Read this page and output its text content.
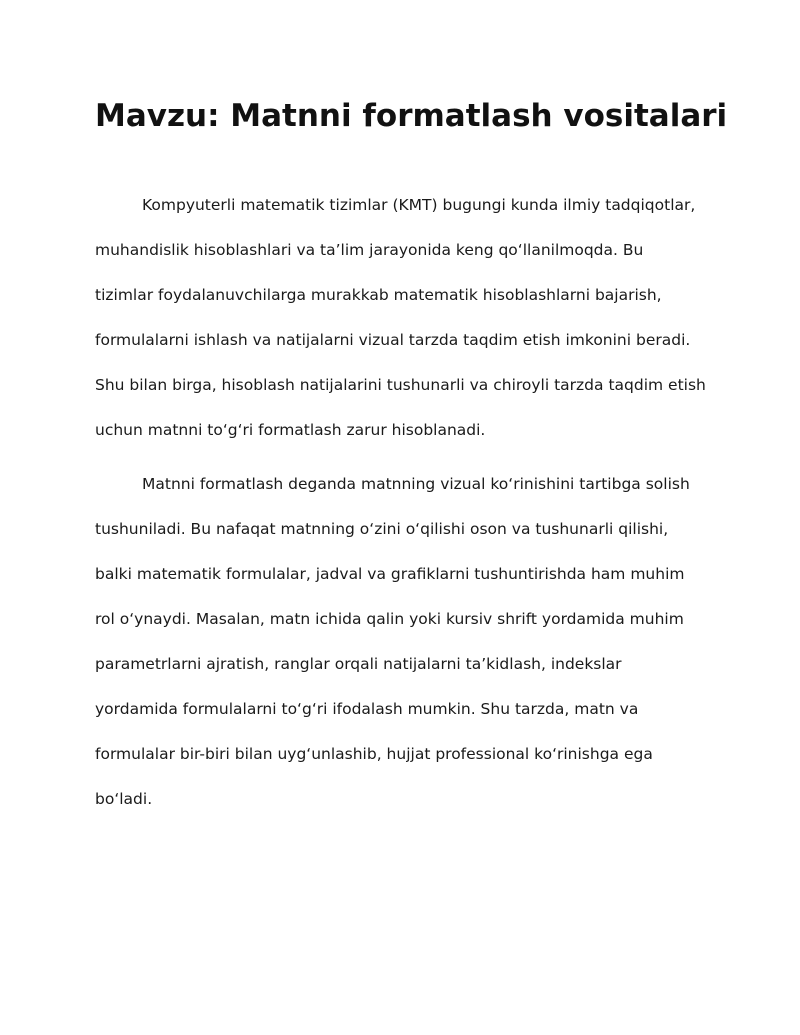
Mavzu: Matnni formatlash vositalari

Kompyuterli matematik tizimlar (KMT) bugungi kunda ilmiy tadqiqotlar,
muhandislik hisoblashlari va ta’lim jarayonida keng qo‘llanilmoqda. Bu
tizimlar foydalanuvchilarga murakkab matematik hisoblashlarni bajarish,
formulalarni ishlash va natijalarni vizual tarzda taqdim etish imkonini beradi.
Shu bilan birga, hisoblash natijalarini tushunarli va chiroyli tarzda taqdim etish
uchun matnni to‘g‘ri formatlash zarur hisoblanadi.

Matnni formatlash deganda matnning vizual ko‘rinishini tartibga solish
tushuniladi. Bu nafaqat matnning o‘zini o‘qilishi oson va tushunarli qilishi,
balki matematik formulalar, jadval va grafiklarni tushuntirishda ham muhim
rol o‘ynaydi. Masalan, matn ichida qalin yoki kursiv shrift yordamida muhim
parametrlarni ajratish, ranglar orqali natijalarni ta’kidlash, indekslar
yordamida formulalarni to‘g‘ri ifodalash mumkin. Shu tarzda, matn va
formulalar bir-biri bilan uyg‘unlashib, hujjat professional ko‘rinishga ega
bo‘ladi.
